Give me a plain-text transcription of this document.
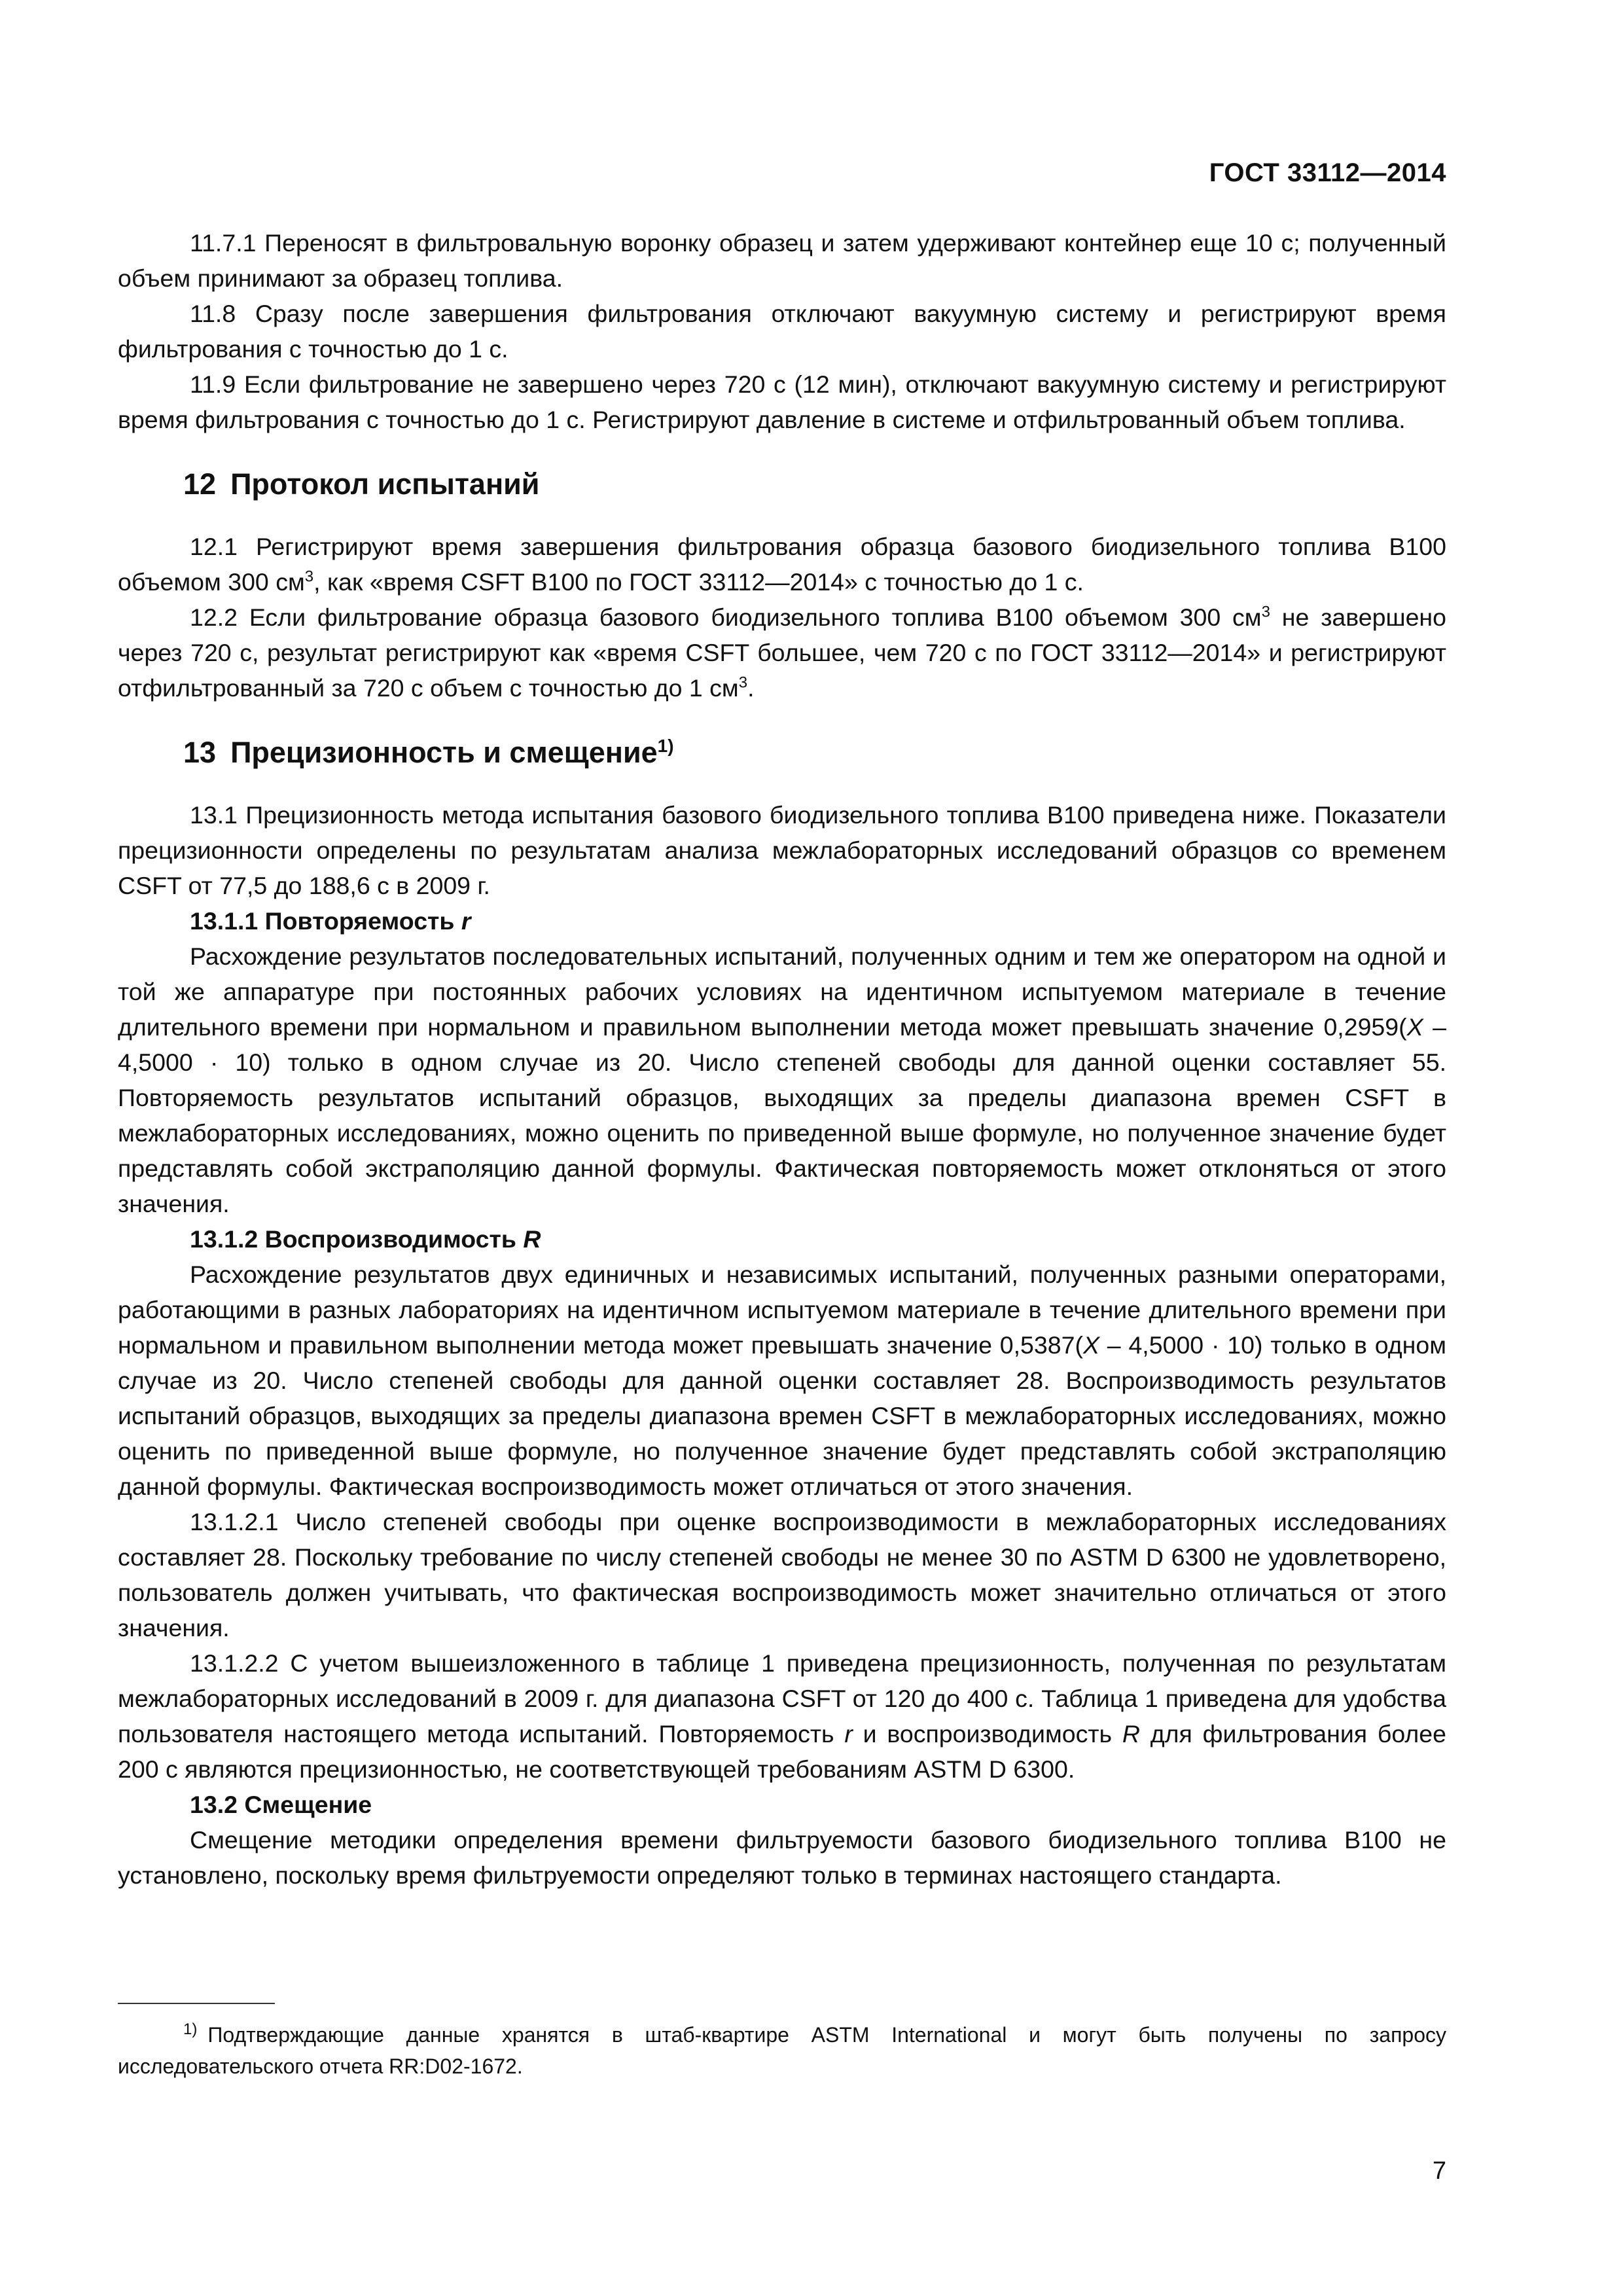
ГОСТ 33112—2014

11.7.1 Переносят в фильтровальную воронку образец и затем удерживают контейнер еще 10 с; полученный объем принимают за образец топлива.

11.8 Сразу после завершения фильтрования отключают вакуумную систему и регистрируют время фильтрования с точностью до 1 с.

11.9 Если фильтрование не завершено через 720 с (12 мин), отключают вакуумную систему и регистрируют время фильтрования с точностью до 1 с. Регистрируют давление в системе и отфильтрованный объем топлива.

12 Протокол испытаний

12.1 Регистрируют время завершения фильтрования образца базового биодизельного топлива В100 объемом 300 $см^3$, как «время CSFT В100 по ГОСТ 33112—2014» с точностью до 1 с.

12.2 Если фильтрование образца базового биодизельного топлива В100 объемом 300 $см^3$ не завершено через 720 с, результат регистрируют как «время CSFT большее, чем 720 с по ГОСТ 33112—2014» и регистрируют отфильтрованный за 720 с объем с точностью до 1 $см^3$.

13 Прецизионность и смещение$^{1)}$

13.1 Прецизионность метода испытания базового биодизельного топлива В100 приведена ниже. Показатели прецизионности определены по результатам анализа межлабораторных исследований образцов со временем CSFT от 77,5 до 188,6 с в 2009 г.

13.1.1 Повторяемость r

Расхождение результатов последовательных испытаний, полученных одним и тем же оператором на одной и той же аппаратуре при постоянных рабочих условиях на идентичном испытуемом материале в течение длительного времени при нормальном и правильном выполнении метода может превышать значение 0,2959(X – 4,5000 · 10) только в одном случае из 20. Число степеней свободы для данной оценки составляет 55. Повторяемость результатов испытаний образцов, выходящих за пределы диапазона времен CSFT в межлабораторных исследованиях, можно оценить по приведенной выше формуле, но полученное значение будет представлять собой экстраполяцию данной формулы. Фактическая повторяемость может отклоняться от этого значения.

13.1.2 Воспроизводимость R

Расхождение результатов двух единичных и независимых испытаний, полученных разными операторами, работающими в разных лабораториях на идентичном испытуемом материале в течение длительного времени при нормальном и правильном выполнении метода может превышать значение 0,5387(X – 4,5000 · 10) только в одном случае из 20. Число степеней свободы для данной оценки составляет 28. Воспроизводимость результатов испытаний образцов, выходящих за пределы диапазона времен CSFT в межлабораторных исследованиях, можно оценить по приведенной выше формуле, но полученное значение будет представлять собой экстраполяцию данной формулы. Фактическая воспроизводимость может отличаться от этого значения.

13.1.2.1 Число степеней свободы при оценке воспроизводимости в межлабораторных исследованиях составляет 28. Поскольку требование по числу степеней свободы не менее 30 по ASTM D 6300 не удовлетворено, пользователь должен учитывать, что фактическая воспроизводимость может значительно отличаться от этого значения.

13.1.2.2 С учетом вышеизложенного в таблице 1 приведена прецизионность, полученная по результатам межлабораторных исследований в 2009 г. для диапазона CSFT от 120 до 400 с. Таблица 1 приведена для удобства пользователя настоящего метода испытаний. Повторяемость r и воспроизводимость R для фильтрования более 200 с являются прецизионностью, не соответствующей требованиям ASTM D 6300.

13.2 Смещение

Смещение методики определения времени фильтруемости базового биодизельного топлива В100 не установлено, поскольку время фильтруемости определяют только в терминах настоящего стандарта.

1) Подтверждающие данные хранятся в штаб-квартире ASTM International и могут быть получены по запросу исследовательского отчета RR:D02-1672.
7
